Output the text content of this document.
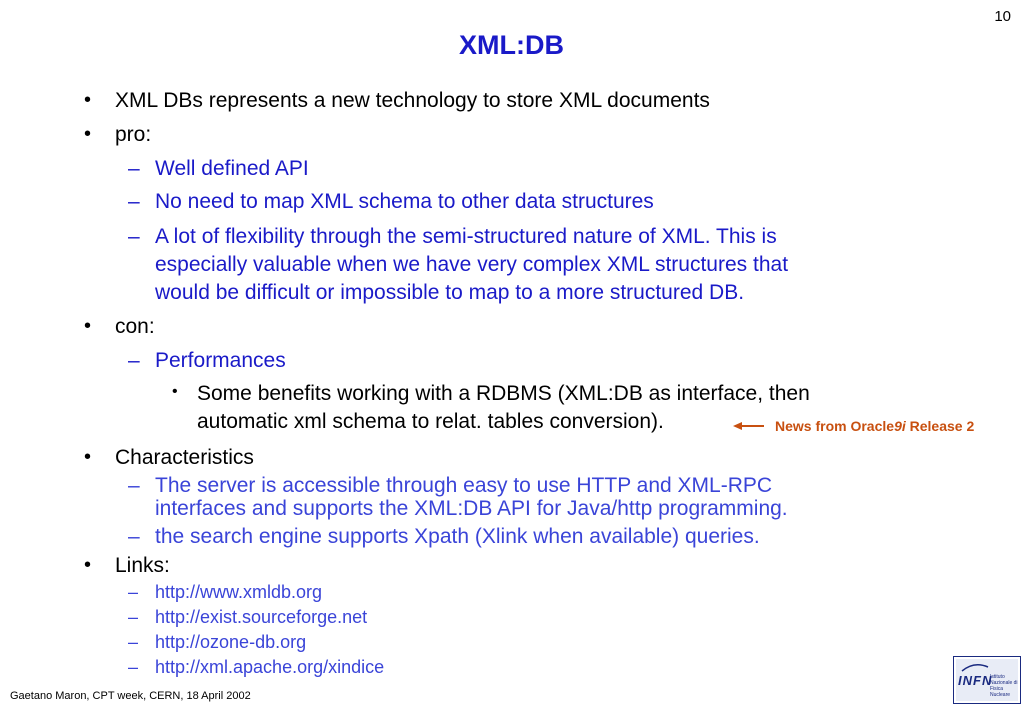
10
XML:DB
• XML DBs represents a new technology to store XML documents
• pro:
– Well defined API
– No need to map XML schema to other data structures
– A lot of flexibility through the semi-structured nature of XML. This is
especially valuable when we have very complex XML structures that
would be difficult or impossible to map to a more structured DB.
• con:
– Performances
• Some benefits working with a RDBMS (XML:DB as interface, then
automatic xml schema to relat. tables conversion).	News from Oracle 9i Release 2
• Characteristics
– The server is accessible through easy to use HTTP and XML-RPC
interfaces and supports the XML:DB API for Java/http programming.
– the search engine supports Xpath (Xlink when available) queries.
• Links:
– http://www.xmldb.org
– http://exist.sourceforge.net
– http://ozone-db.org
– http://xml.apache.org/xindice
Gaetano Maron, CPT week, CERN, 18 April 2002
INFN
Istituto Nazionale di Fisica Nucleare
